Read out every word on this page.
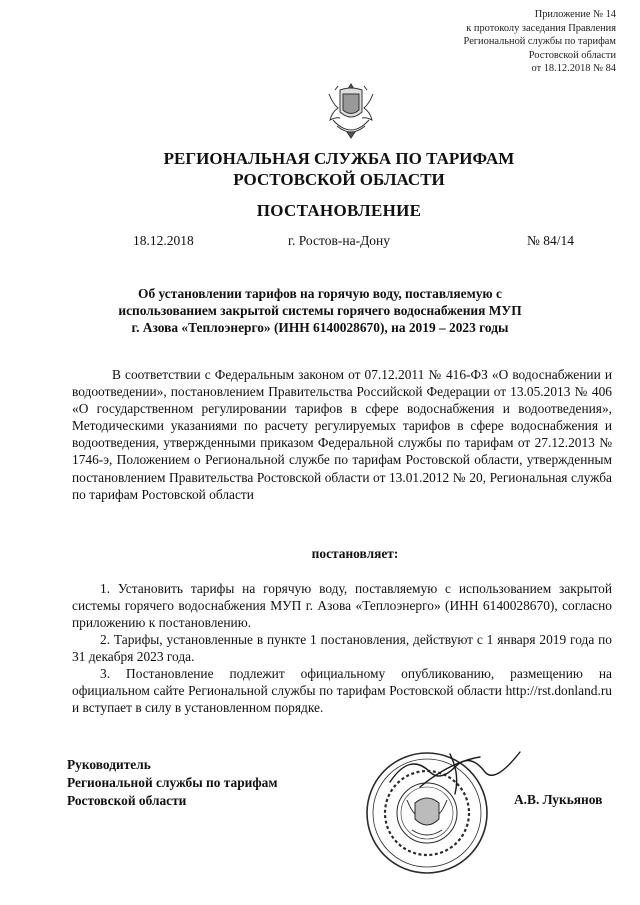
Приложение № 14
к протоколу заседания Правления
Региональной службы по тарифам
Ростовской области
от 18.12.2018 № 84
РЕГИОНАЛЬНАЯ СЛУЖБА ПО ТАРИФАМ
РОСТОВСКОЙ ОБЛАСТИ
ПОСТАНОВЛЕНИЕ
18.12.2018	г. Ростов-на-Дону	№ 84/14
Об установлении тарифов на горячую воду, поставляемую с
использованием закрытой системы горячего водоснабжения МУП
г. Азова «Теплоэнерго» (ИНН 6140028670), на 2019 – 2023 годы

В соответствии с Федеральным законом от 07.12.2011 № 416-ФЗ «О водоснабжении и водоотведении», постановлением Правительства Российской Федерации от 13.05.2013 № 406 «О государственном регулировании тарифов в сфере водоснабжения и водоотведения», Методическими указаниями по расчету регулируемых тарифов в сфере водоснабжения и водоотведения, утвержденными приказом Федеральной службы по тарифам от 27.12.2013 № 1746-э, Положением о Региональной службе по тарифам Ростовской области, утвержденным постановлением Правительства Ростовской области от 13.01.2012 № 20, Региональная служба по тарифам Ростовской области

постановляет:

1. Установить тарифы на горячую воду, поставляемую с использованием закрытой системы горячего водоснабжения МУП г. Азова «Теплоэнерго» (ИНН 6140028670), согласно приложению к постановлению.

2. Тарифы, установленные в пункте 1 постановления, действуют с 1 января 2019 года по 31 декабря 2023 года.

3. Постановление подлежит официальному опубликованию, размещению на официальном сайте Региональной службы по тарифам Ростовской области http://rst.donland.ru и вступает в силу в установленном порядке.

Руководитель
Региональной службы по тарифам
Ростовской области	А.В. Лукьянов
